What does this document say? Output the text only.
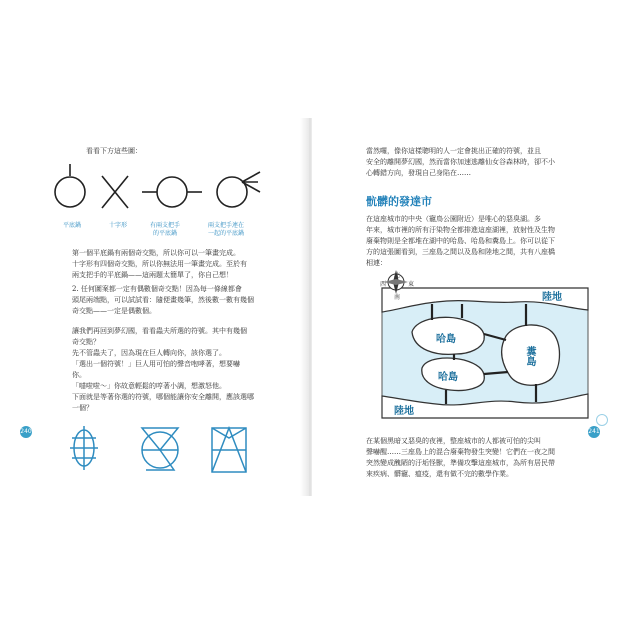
看看下方這些圖：
平底鍋	十字形	有兩支把手
的平底鍋
兩支把手連在
一起的平底鍋
第一個平底鍋有兩個奇交點，所以你可以一筆畫完成。
十字形有四個奇交點，所以你無法用一筆畫完成。至於有
兩支把手的平底鍋——這兩題太簡單了，你自己想！
2. 任何圖案都一定有偶數個奇交點！因為每一條線都會
頭尾兩端點，可以試試看：隨便畫幾筆，然後數一數有幾個
奇交點——一定是偶數個。
讓我們再回到夢幻國，看看蟲夫所選的符號。其中有幾個
奇交點？
先不管蟲夫了，因為現在巨人轉向你，該你選了。
「選出一個符號！」巨人用可怕的聲音咆哮著，想要嚇
你。
「噠啦啦～」你故意輕鬆的哼著小調，想激怒他。
下面就是等著你選的符號，哪個能讓你安全離開，應該選哪
一個？
240
當然囉，像你這樣聰明的人一定會挑出正確的符號，並且
安全的離開夢幻國，然而當你加速逃離仙女谷森林時，卻不小
心轉錯方向，發現自己身陷在……
骯髒的發達市
在這座城市的中央（寵鳥公園附近）是唯心的惡臭湖。多
年來，城市裡的所有汙染物全都排進這座湖裡，放射性及生物
廢棄物則是全都堆在湖中的哈島、哈島和糞島上。你可以從下
方的這張圖看到，三座島之間以及島和陸地之間，共有八座橋
相連：
北
西	東
南	陸地
陸地
哈島
哈島
糞島
在某個黑暗又惡臭的夜裡，整座城市的人都被可怕的尖叫
聲嚇醒……三座島上的混合廢棄物發生突變！它們在一夜之間
突然變成醜陋的汙垢怪獸，準備攻擊這座城市，為所有居民帶
來疾病、髒寵、瘟疫，還有做不完的數學作業。
241
